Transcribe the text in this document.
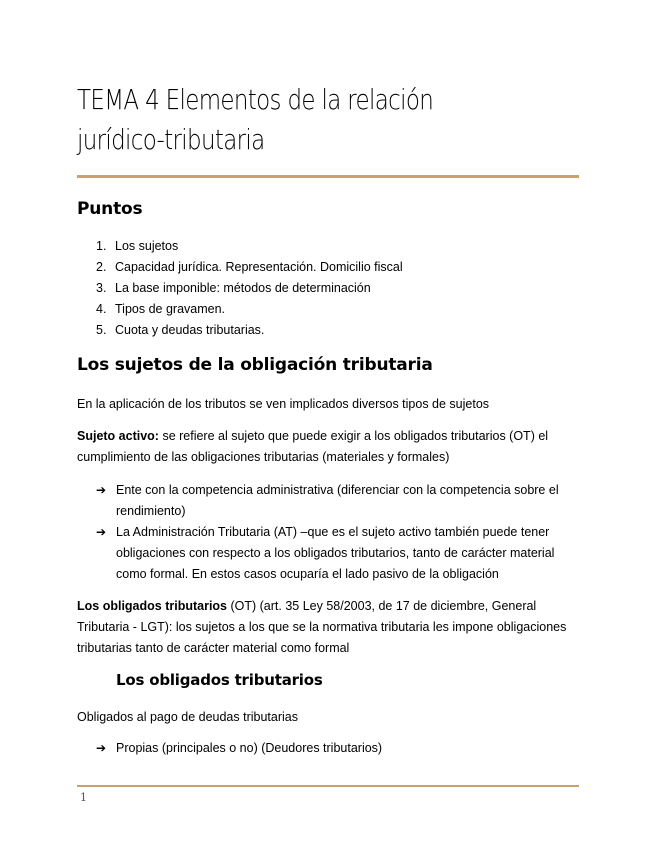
TEMA 4 Elementos de la relación
jurídico-tributaria
Puntos
1. Los sujetos
2. Capacidad jurídica. Representación. Domicilio fiscal
3. La base imponible: métodos de determinación
4. Tipos de gravamen.
5. Cuota y deudas tributarias.
Los sujetos de la obligación tributaria

En la aplicación de los tributos se ven implicados diversos tipos de sujetos

Sujeto activo: se refiere al sujeto que puede exigir a los obligados tributarios (OT) el cumplimiento de las obligaciones tributarias (materiales y formales)

➔ Ente con la competencia administrativa (diferenciar con la competencia sobre el rendimiento)
➔ La Administración Tributaria (AT) –que es el sujeto activo también puede tener obligaciones con respecto a los obligados tributarios, tanto de carácter material como formal. En estos casos ocuparía el lado pasivo de la obligación

Los obligados tributarios (OT) (art. 35 Ley 58/2003, de 17 de diciembre, General Tributaria - LGT): los sujetos a los que se la normativa tributaria les impone obligaciones tributarias tanto de carácter material como formal

Los obligados tributarios

Obligados al pago de deudas tributarias

➔ Propias (principales o no) (Deudores tributarios)
1
